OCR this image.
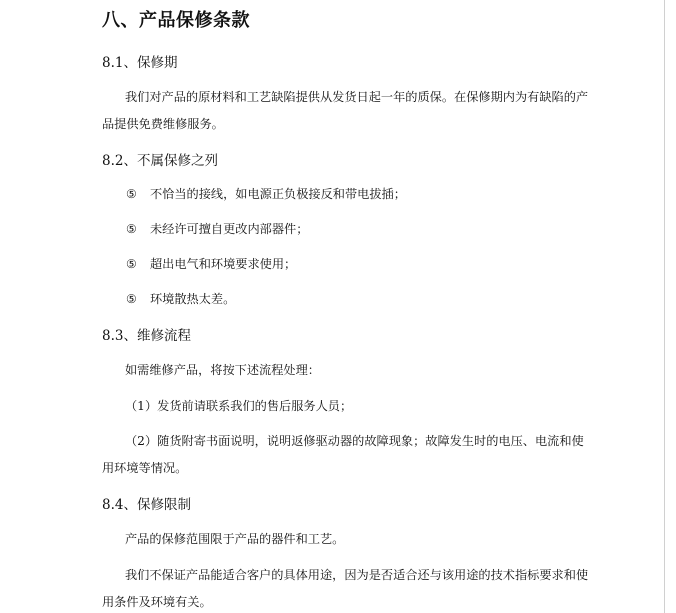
八、产品保修条款
8.1、保修期
我们对产品的原材料和工艺缺陷提供从发货日起一年的质保。在保修期内为有缺陷的产
品提供免费维修服务。
8.2、不属保修之列
⑤ 不恰当的接线，如电源正负极接反和带电拔插；
⑤ 未经许可擅自更改内部器件；
⑤ 超出电气和环境要求使用；
⑤ 环境散热太差。
8.3、维修流程
如需维修产品，将按下述流程处理：
（1）发货前请联系我们的售后服务人员；
（2）随货附寄书面说明，说明返修驱动器的故障现象；故障发生时的电压、电流和使
用环境等情况。
8.4、保修限制
产品的保修范围限于产品的器件和工艺。
我们不保证产品能适合客户的具体用途，因为是否适合还与该用途的技术指标要求和使
用条件及环境有关。
